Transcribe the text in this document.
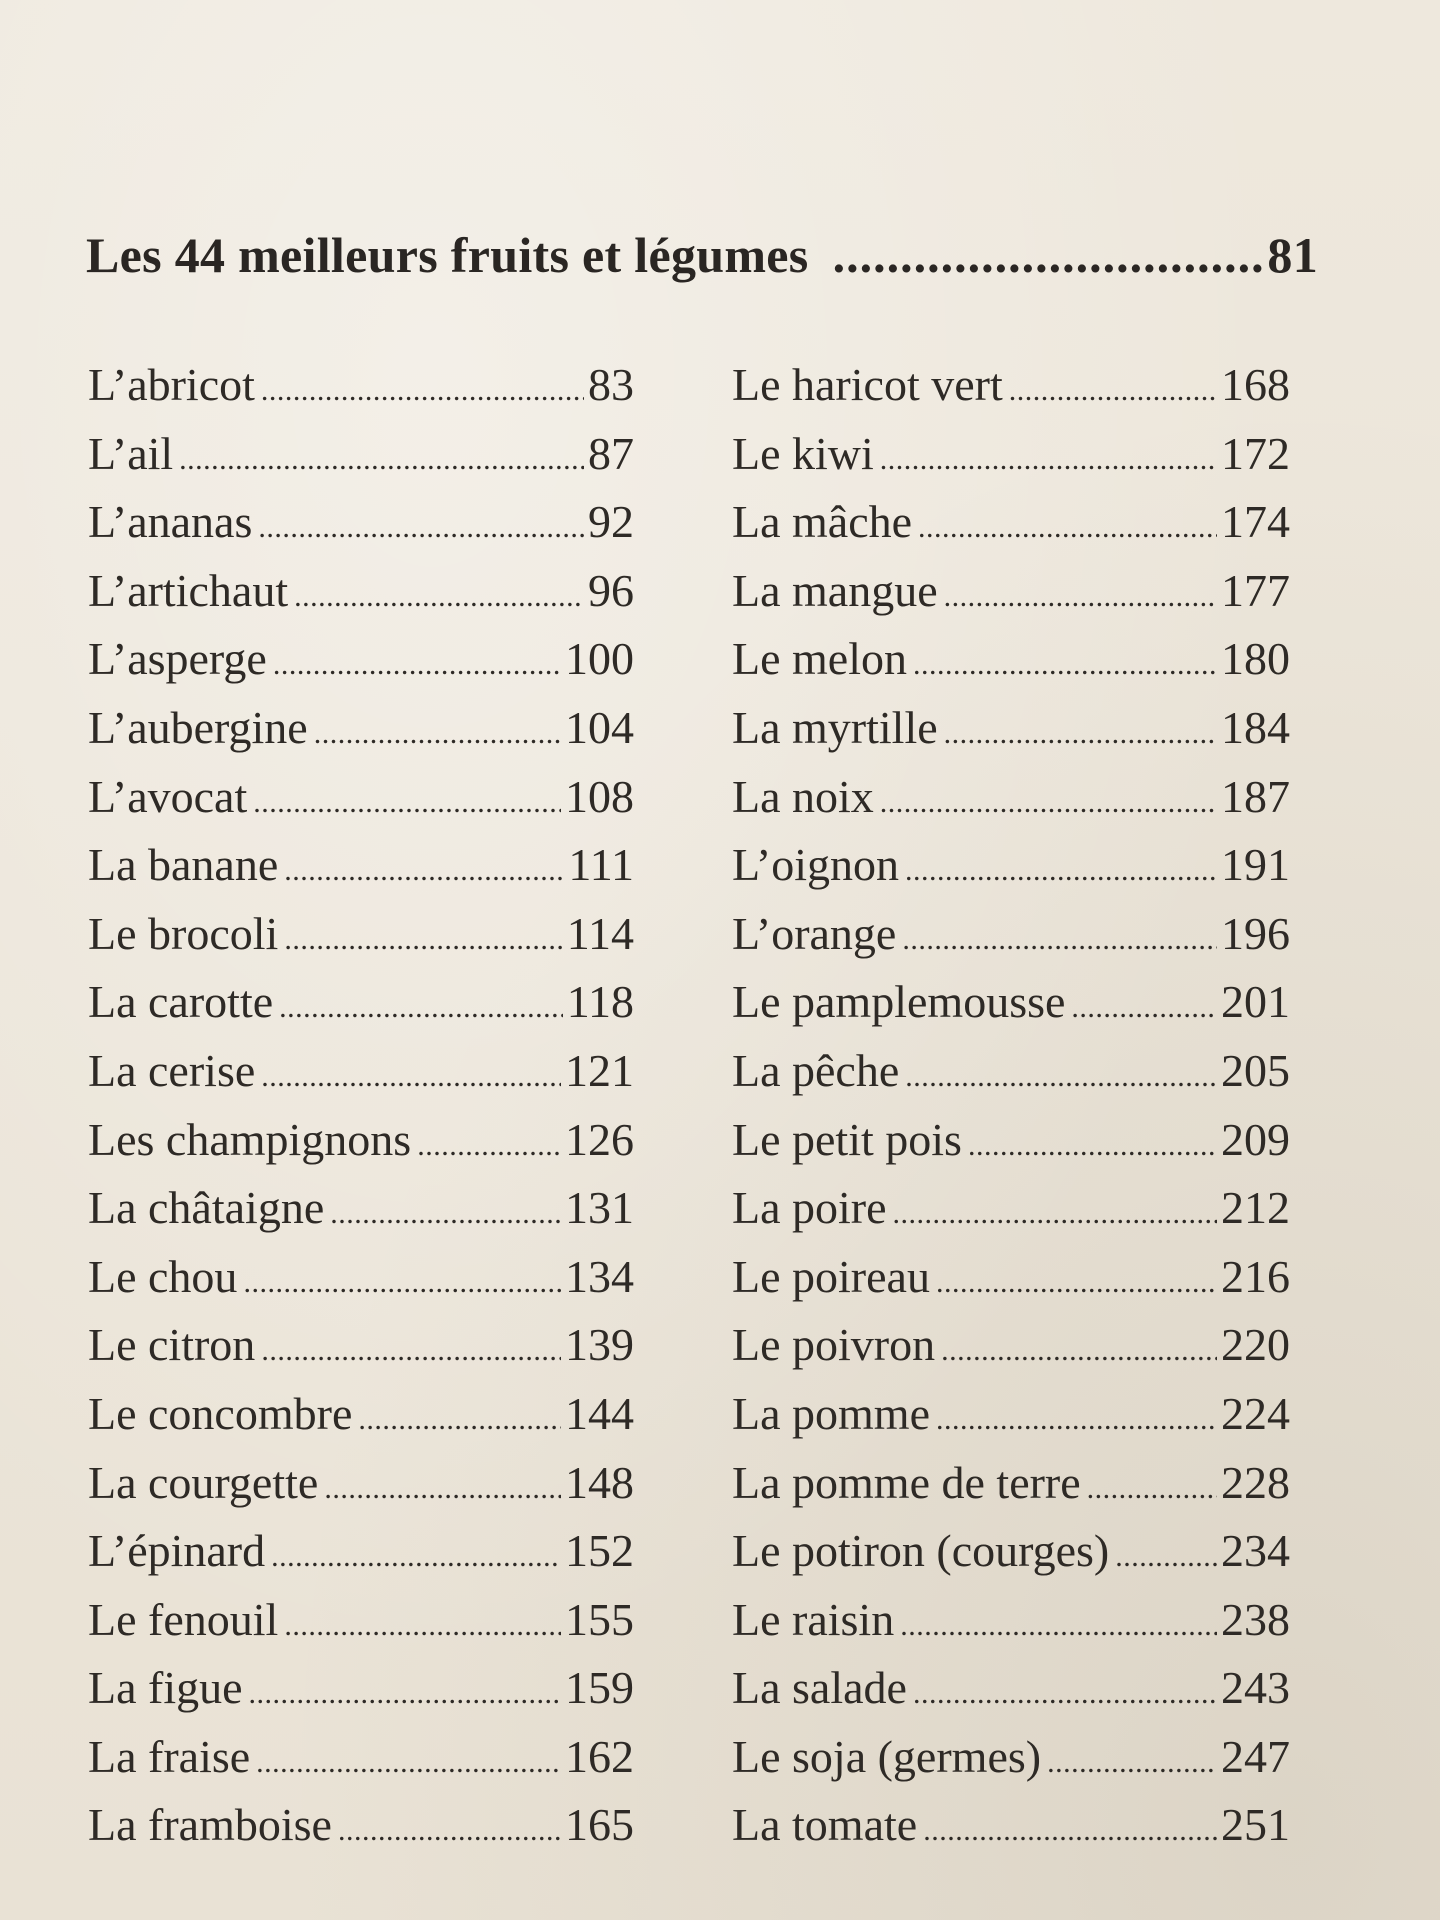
Les 44 meilleurs fruits et légumes .....	81
L’abricot .....	83
L’ail .....	87
L’ananas .....	92
L’artichaut .....	96
L’asperge .....	100
L’aubergine .....	104
L’avocat .....	108
La banane .....	111
Le brocoli .....	114
La carotte .....	118
La cerise .....	121
Les champignons .....	126
La châtaigne .....	131
Le chou .....	134
Le citron .....	139
Le concombre .....	144
La courgette .....	148
L’épinard .....	152
Le fenouil .....	155
La figue .....	159
La fraise .....	162
La framboise .....	165
Le haricot vert .....	168
Le kiwi .....	172
La mâche .....	174
La mangue .....	177
Le melon .....	180
La myrtille .....	184
La noix .....	187
L’oignon .....	191
L’orange .....	196
Le pamplemousse .....	201
La pêche .....	205
Le petit pois .....	209
La poire .....	212
Le poireau .....	216
Le poivron .....	220
La pomme .....	224
La pomme de terre .....	228
Le potiron (courges) ..... 234
Le raisin .....	238
La salade .....	243
Le soja (germes) .....	247
La tomate .....	251
